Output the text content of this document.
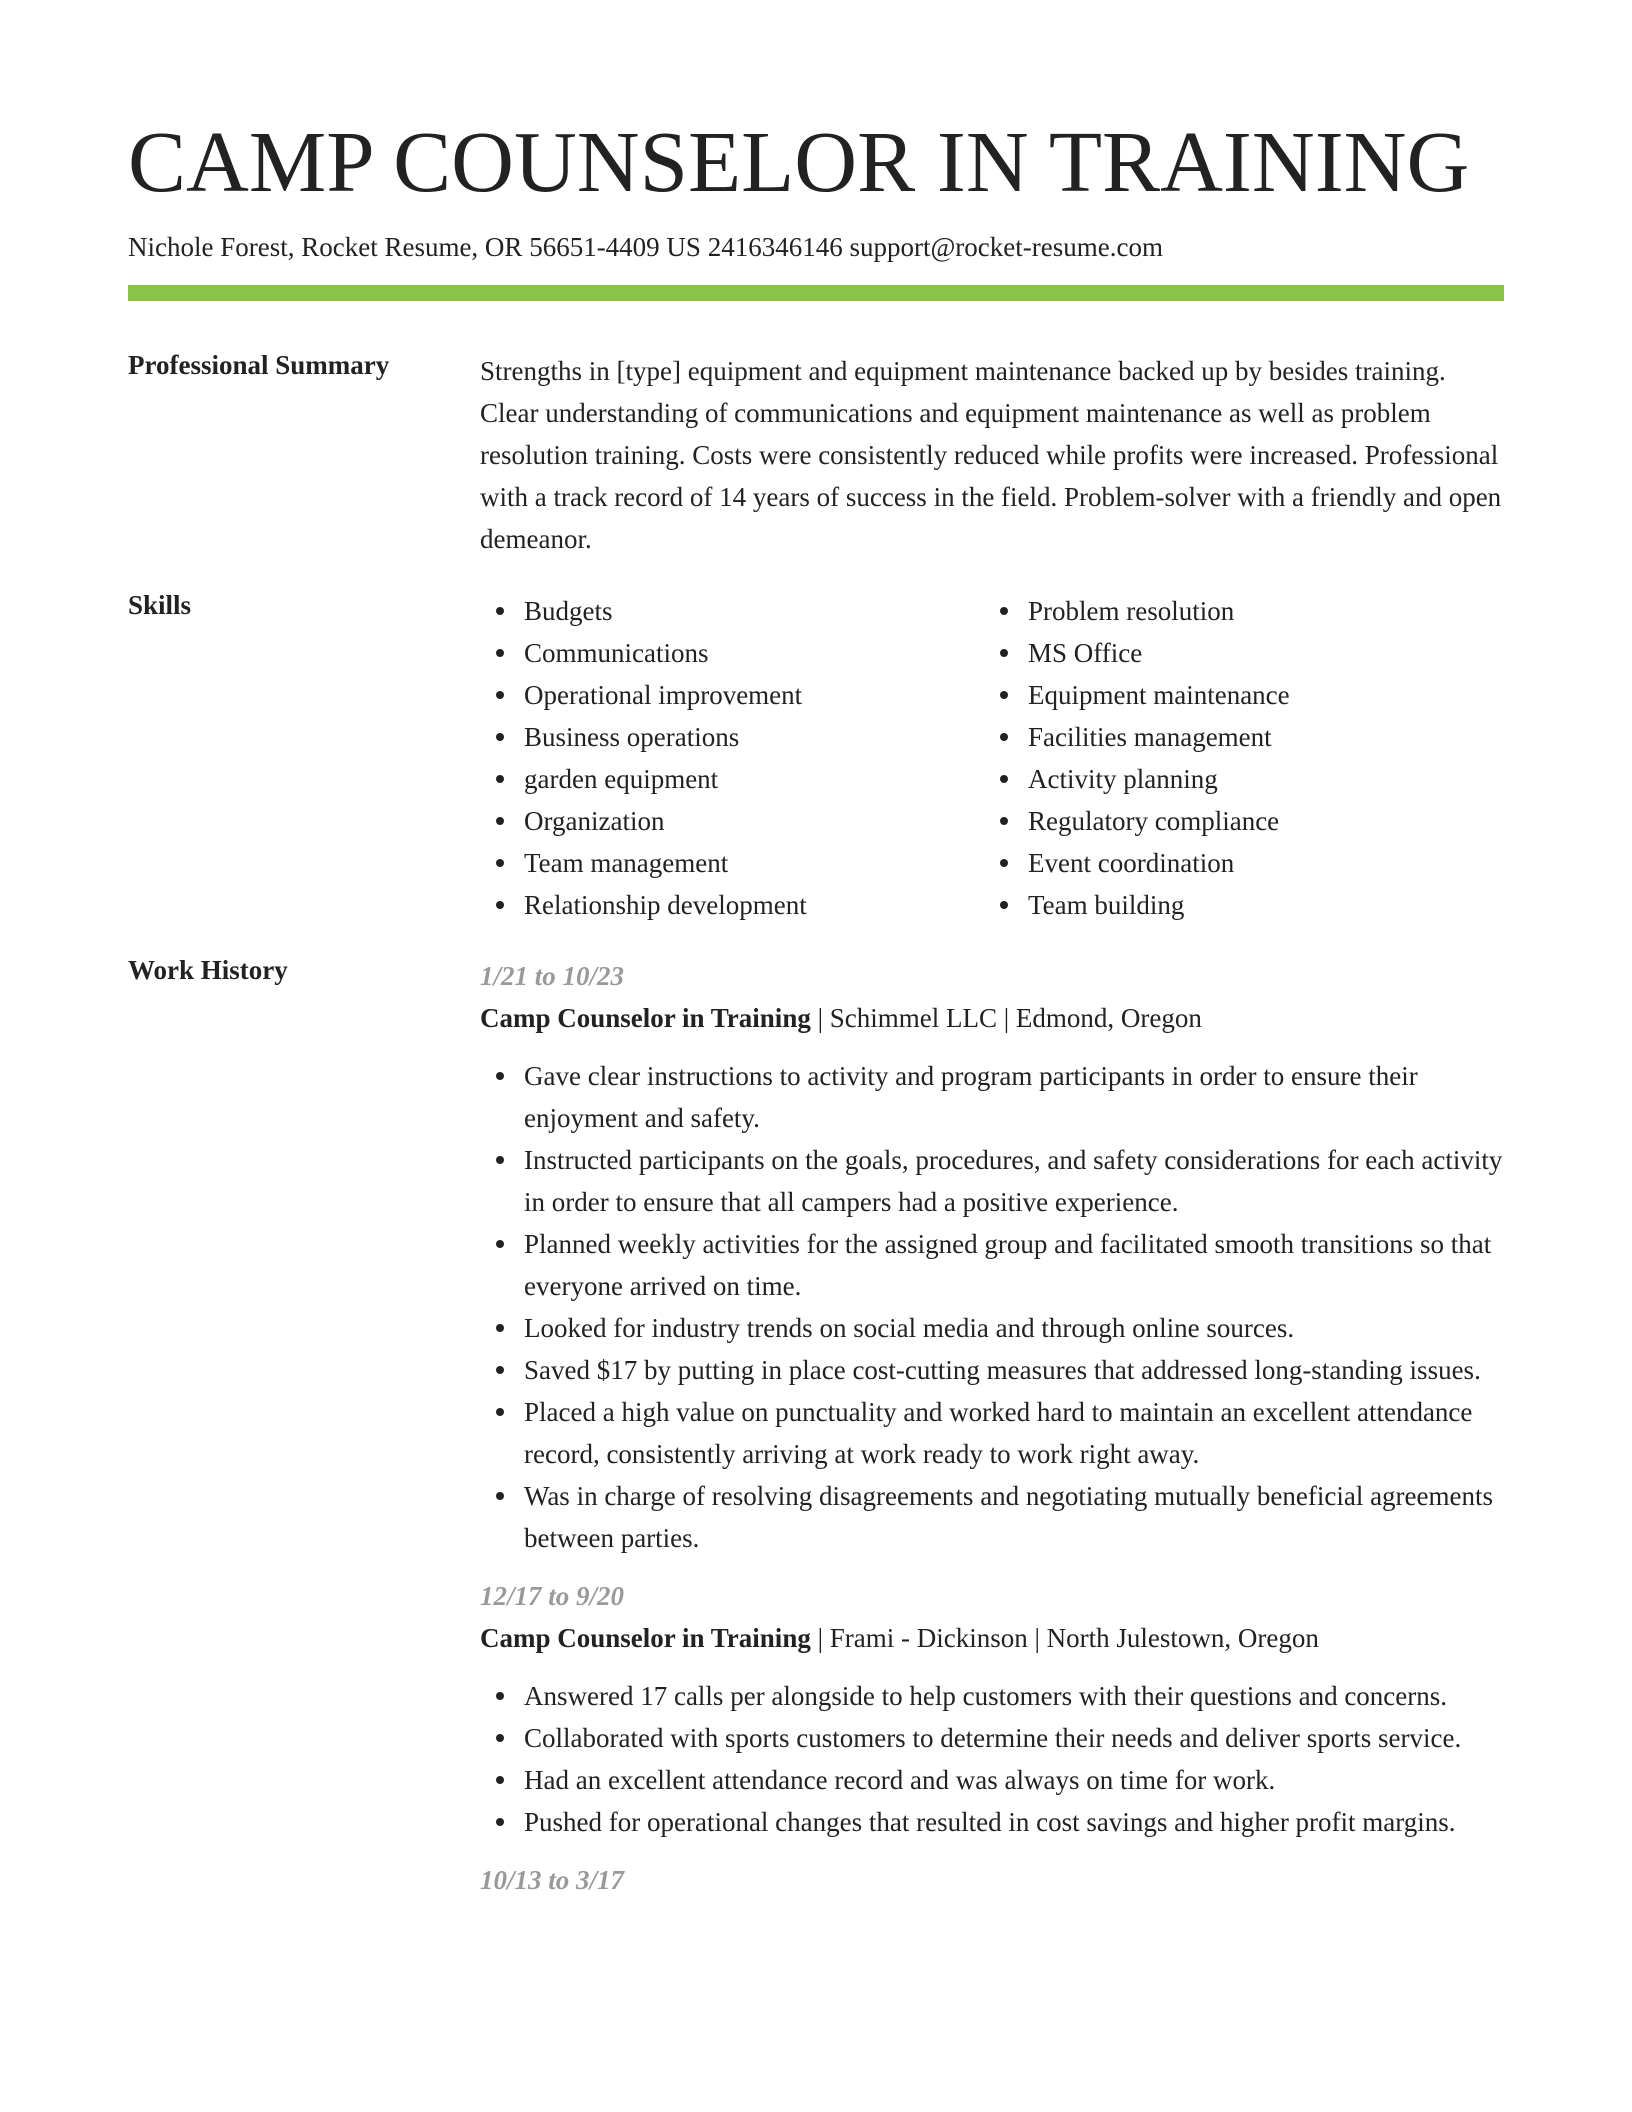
CAMP COUNSELOR IN TRAINING
Nichole Forest, Rocket Resume, OR 56651-4409 US 2416346146 support@rocket-resume.com
Professional Summary	Strengths in [type] equipment and equipment maintenance backed up by besides training. Clear understanding of communications and equipment maintenance as well as problem resolution training. Costs were consistently reduced while profits were increased. Professional with a track record of 14 years of success in the field. Problem-solver with a friendly and open demeanor.

Skills	Budgets
Communications
Operational improvement
Business operations
garden equipment
Organization
Team management
Relationship development
Problem resolution
MS Office
Equipment maintenance
Facilities management
Activity planning
Regulatory compliance
Event coordination
Team building
Work History	1/21 to 10/23
Camp Counselor in Training | Schimmel LLC | Edmond, Oregon
Gave clear instructions to activity and program participants in order to ensure their enjoyment and safety.
Instructed participants on the goals, procedures, and safety considerations for each activity in order to ensure that all campers had a positive experience.
Planned weekly activities for the assigned group and facilitated smooth transitions so that everyone arrived on time.
Looked for industry trends on social media and through online sources.
Saved $17 by putting in place cost-cutting measures that addressed long-standing issues.
Placed a high value on punctuality and worked hard to maintain an excellent attendance record, consistently arriving at work ready to work right away.
Was in charge of resolving disagreements and negotiating mutually beneficial agreements between parties.
12/17 to 9/20
Camp Counselor in Training | Frami - Dickinson | North Julestown, Oregon
Answered 17 calls per alongside to help customers with their questions and concerns.
Collaborated with sports customers to determine their needs and deliver sports service.
Had an excellent attendance record and was always on time for work.
Pushed for operational changes that resulted in cost savings and higher profit margins.
10/13 to 3/17
